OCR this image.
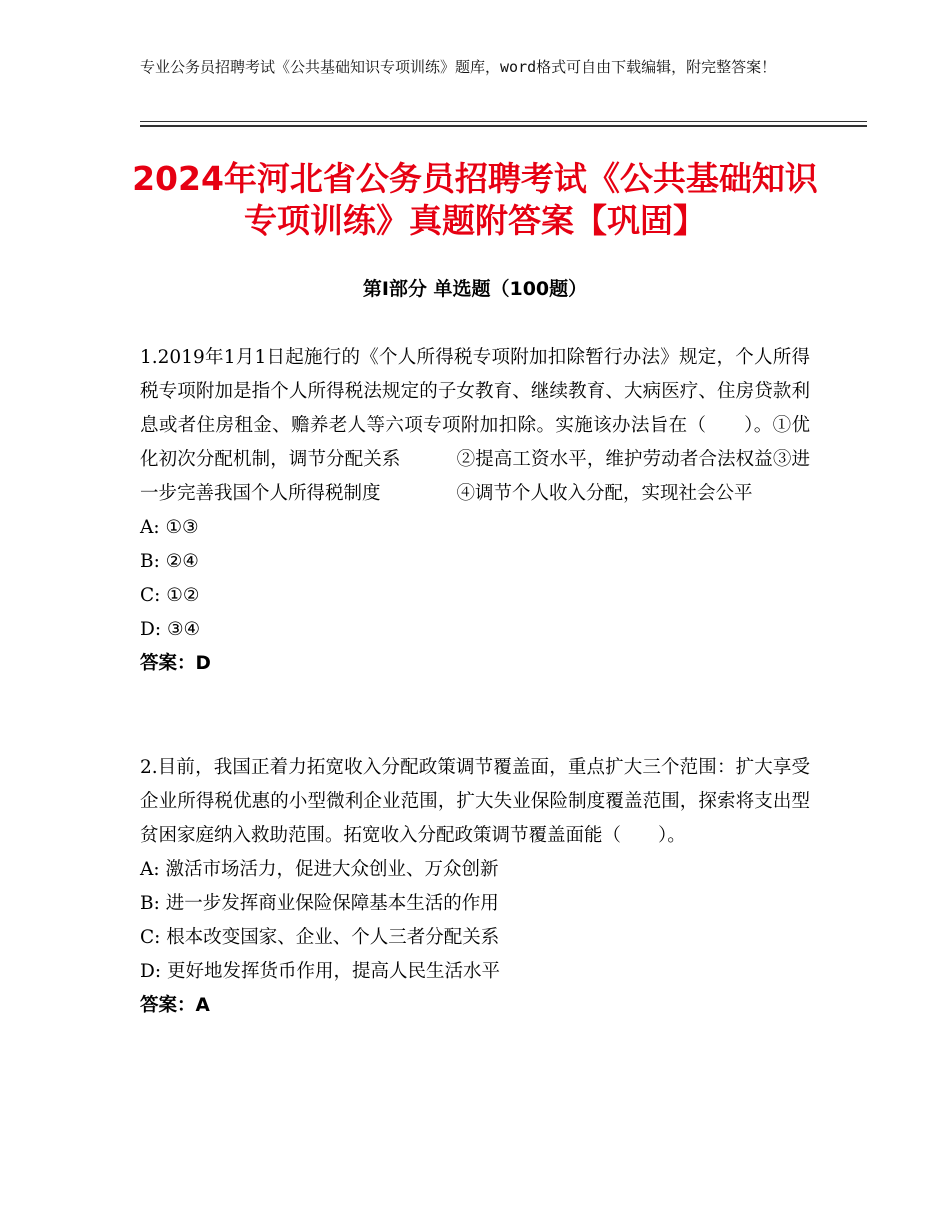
专业公务员招聘考试《公共基础知识专项训练》题库，word格式可自由下载编辑，附完整答案！
2024年河北省公务员招聘考试《公共基础知识专项训练》真题附答案【巩固】
第Ⅰ部分 单选题（100题）
1.2019年1月1日起施行的《个人所得税专项附加扣除暂行办法》规定，个人所得税专项附加是指个人所得税法规定的子女教育、继续教育、大病医疗、住房贷款利息或者住房租金、赡养老人等六项专项附加扣除。实施该办法旨在（　　）。①优化初次分配机制，调节分配关系	②提高工资水平，维护劳动者合法权益③进一步完善我国个人所得税制度	④调节个人收入分配，实现社会公平
A: ①③
B: ②④
C: ①②
D: ③④
答案：D
2.目前，我国正着力拓宽收入分配政策调节覆盖面，重点扩大三个范围：扩大享受企业所得税优惠的小型微利企业范围，扩大失业保险制度覆盖范围，探索将支出型贫困家庭纳入救助范围。拓宽收入分配政策调节覆盖面能（　　）。
A: 激活市场活力，促进大众创业、万众创新
B: 进一步发挥商业保险保障基本生活的作用
C: 根本改变国家、企业、个人三者分配关系
D: 更好地发挥货币作用，提高人民生活水平
答案：A
